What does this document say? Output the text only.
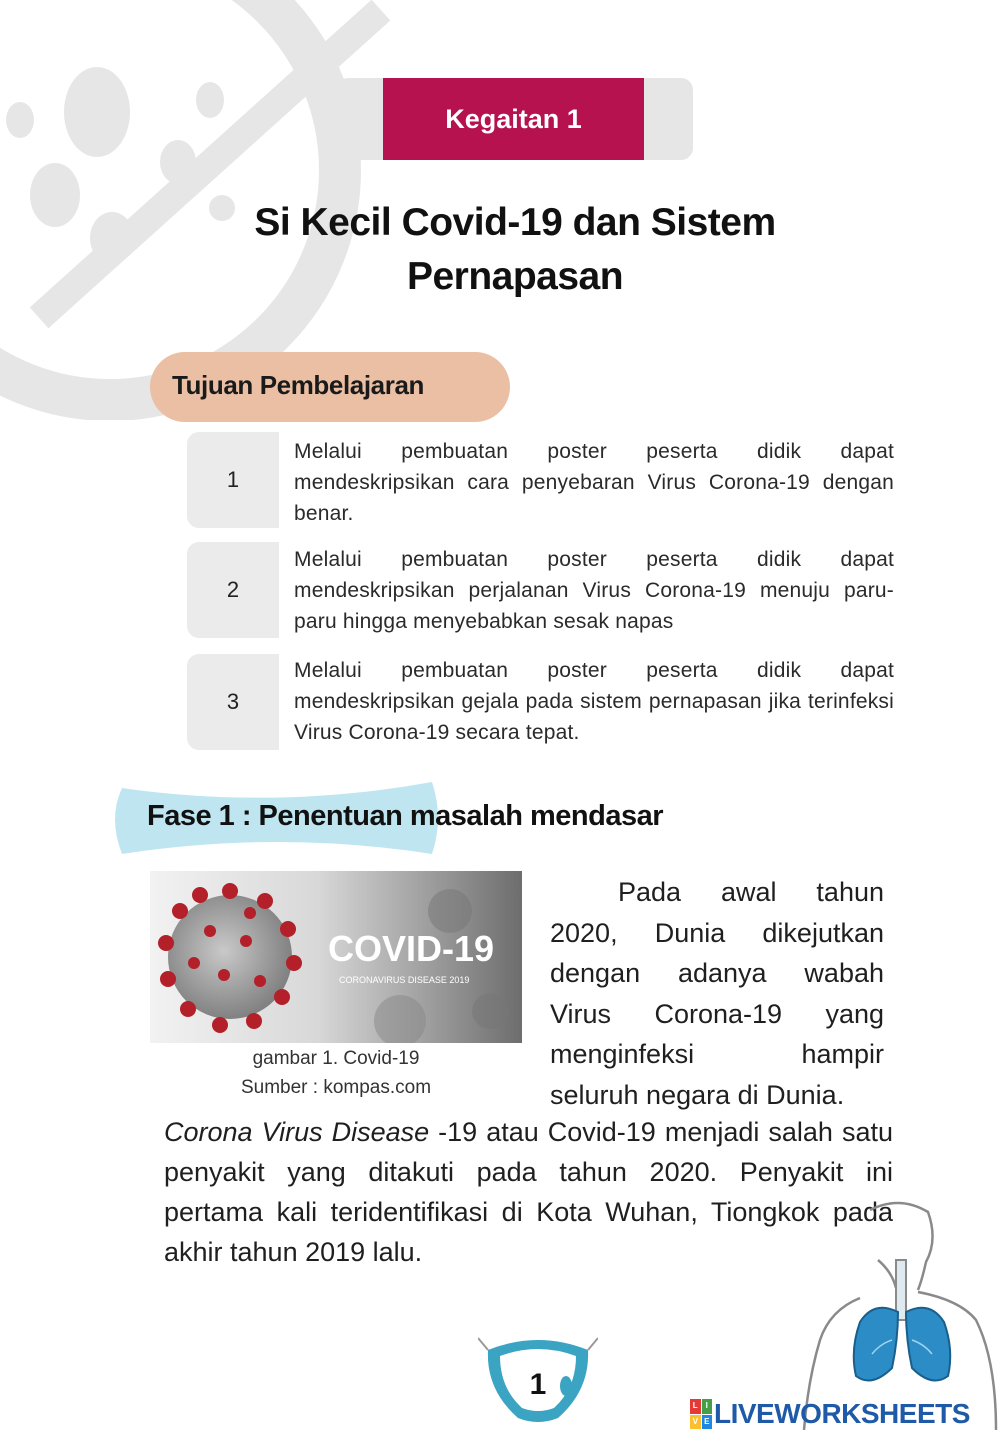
Kegaitan 1
Si Kecil Covid-19 dan Sistem
Pernapasan
Tujuan Pembelajaran
1
Melalui pembuatan poster peserta didik dapat mendeskripsikan cara penyebaran Virus Corona-19 dengan benar.
2
Melalui pembuatan poster peserta didik dapat mendeskripsikan perjalanan Virus Corona-19 menuju paru-paru hingga menyebabkan sesak napas
3
Melalui pembuatan poster peserta didik dapat mendeskripsikan gejala pada sistem pernapasan jika terinfeksi Virus Corona-19 secara tepat.
Fase 1 : Penentuan masalah mendasar
COVID-19
CORONAVIRUS DISEASE 2019
gambar 1. Covid-19
Sumber : kompas.com
Pada awal tahun 2020, Dunia dikejutkan dengan adanya wabah Virus Corona-19 yang menginfeksi hampir
seluruh negara di Dunia.
Corona Virus Disease -19 atau Covid-19 menjadi salah satu penyakit yang ditakuti pada tahun 2020. Penyakit ini pertama kali teridentifikasi di Kota Wuhan, Tiongkok pada akhir tahun 2019 lalu.
1
L I
V E LIVEWORKSHEETS
